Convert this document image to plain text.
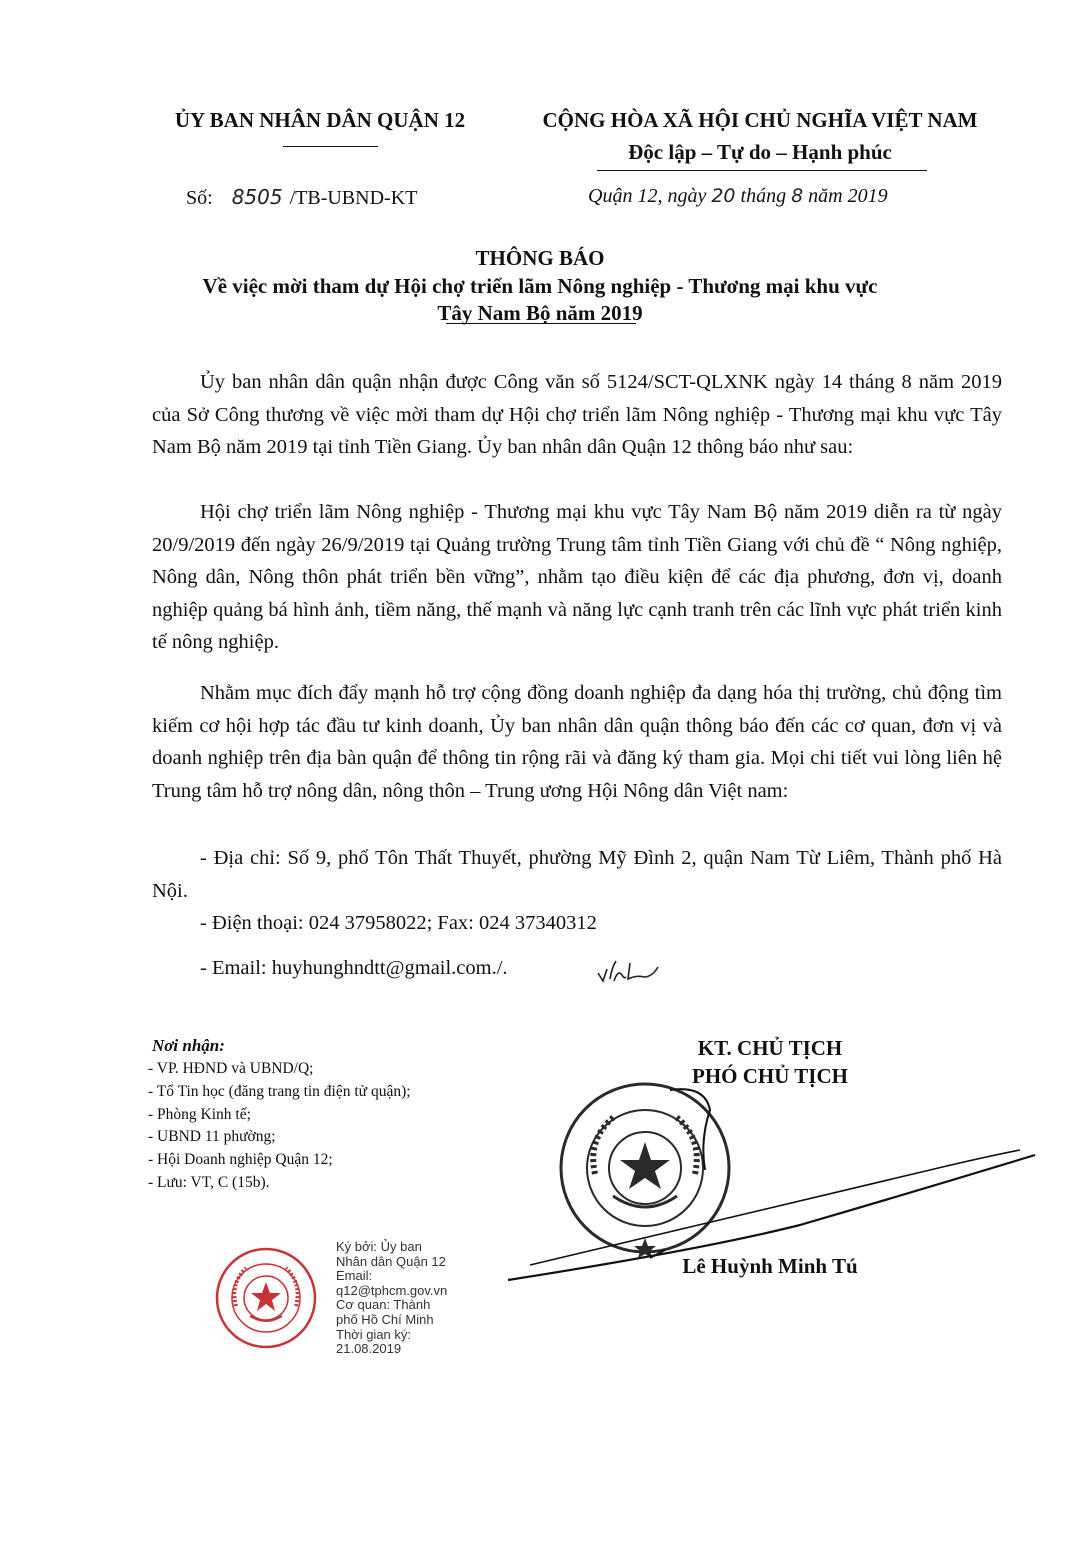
ỦY BAN NHÂN DÂN QUẬN 12	CỘNG HÒA XÃ HỘI CHỦ NGHĨA VIỆT NAM
Độc lập – Tự do – Hạnh phúc
Số: 8505 /TB-UBND-KT	Quận 12, ngày 20 tháng 8 năm 2019
THÔNG BÁO
Về việc mời tham dự Hội chợ triển lãm Nông nghiệp - Thương mại khu vực
Tây Nam Bộ năm 2019
Ủy ban nhân dân quận nhận được Công văn số 5124/SCT-QLXNK ngày 14 tháng 8 năm 2019 của Sở Công thương về việc mời tham dự Hội chợ triển lãm Nông nghiệp - Thương mại khu vực Tây Nam Bộ năm 2019 tại tỉnh Tiền Giang. Ủy ban nhân dân Quận 12 thông báo như sau:
Hội chợ triển lãm Nông nghiệp - Thương mại khu vực Tây Nam Bộ năm 2019 diễn ra từ ngày 20/9/2019 đến ngày 26/9/2019 tại Quảng trường Trung tâm tỉnh Tiền Giang với chủ đề “ Nông nghiệp, Nông dân, Nông thôn phát triển bền vững”, nhằm tạo điều kiện để các địa phương, đơn vị, doanh nghiệp quảng bá hình ảnh, tiềm năng, thế mạnh và năng lực cạnh tranh trên các lĩnh vực phát triển kinh tế nông nghiệp.
Nhằm mục đích đẩy mạnh hỗ trợ cộng đồng doanh nghiệp đa dạng hóa thị trường, chủ động tìm kiếm cơ hội hợp tác đầu tư kinh doanh, Ủy ban nhân dân quận thông báo đến các cơ quan, đơn vị và doanh nghiệp trên địa bàn quận để thông tin rộng rãi và đăng ký tham gia. Mọi chi tiết vui lòng liên hệ Trung tâm hỗ trợ nông dân, nông thôn – Trung ương Hội Nông dân Việt nam:
- Địa chỉ: Số 9, phố Tôn Thất Thuyết, phường Mỹ Đình 2, quận Nam Từ Liêm, Thành phố Hà Nội.
- Điện thoại: 024 37958022; Fax: 024 37340312
- Email: huyhunghndtt@gmail.com./.
Nơi nhận:
- VP. HĐND và UBND/Q;
- Tổ Tin học (đăng trang tin điện tử quận);
- Phòng Kinh tế;
- UBND 11 phường;
- Hội Doanh nghiệp Quận 12;
- Lưu: VT, C (15b).
KT. CHỦ TỊCH
PHÓ CHỦ TỊCH
Lê Huỳnh Minh Tú
Ký bởi: Ủy ban
Nhân dân Quận 12
Email:
q12@tphcm.gov.vn
Cơ quan: Thành
phố Hồ Chí Minh
Thời gian ký:
21.08.2019
